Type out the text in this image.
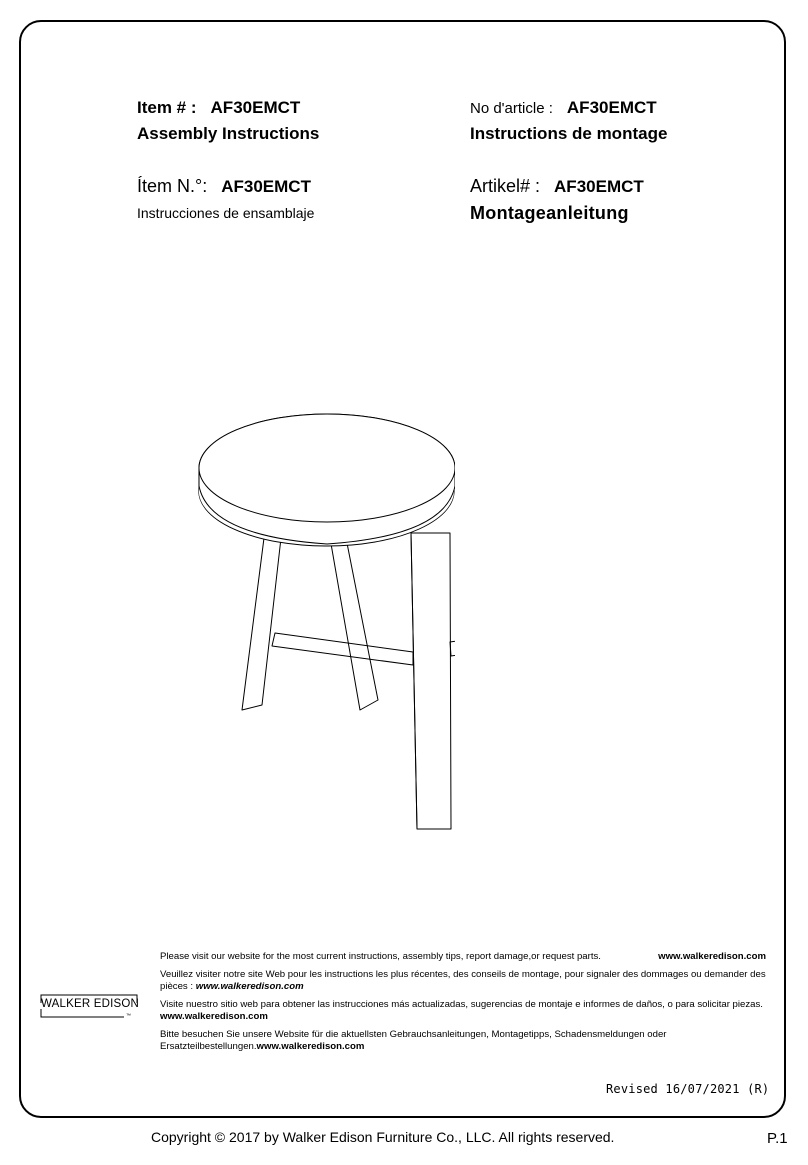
Item # : AF30EMCT
Assembly Instructions
No d'article : AF30EMCT
Instructions de montage
Ítem N.°: AF30EMCT
Instrucciones de ensamblaje
Artikel# : AF30EMCT
Montageanleitung
WALKER EDISON
™

Please visit our website for the most current instructions, assembly tips, report damage,or request parts.	www.walkeredison.com

Veuillez visiter notre site Web pour les instructions les plus récentes, des conseils de montage, pour signaler des dommages ou demander des pièces : www.walkeredison.com

Visite nuestro sitio web para obtener las instrucciones más actualizadas, sugerencias de montaje e informes de daños, o para solicitar piezas. www.walkeredison.com

Bitte besuchen Sie unsere Website für die aktuellsten Gebrauchsanleitungen, Montagetipps, Schadensmeldungen oder Ersatzteilbestellungen.www.walkeredison.com

Revised 16/07/2021 (R)
Copyright © 2017 by Walker Edison Furniture Co., LLC. All rights reserved.	P.1
